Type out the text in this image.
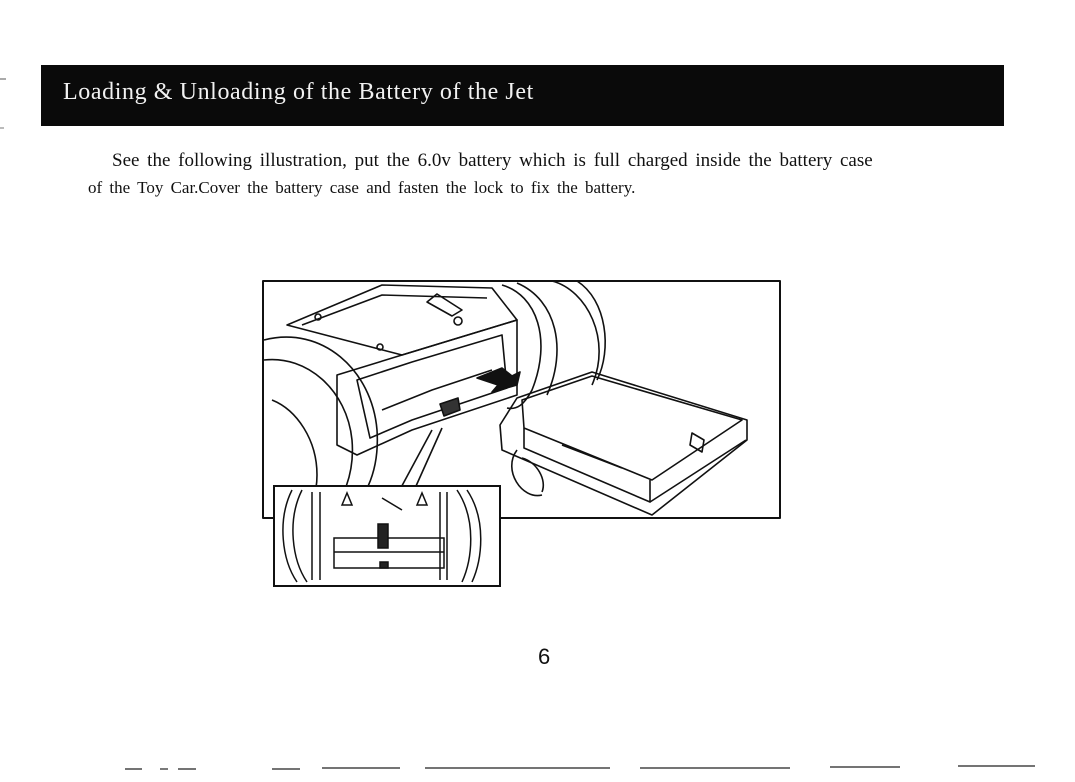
Loading & Unloading of the Battery of the Jet
See the following illustration, put the 6.0v battery which is full charged inside the battery case
of the Toy Car.Cover the battery case and fasten the lock to fix the battery.
6
